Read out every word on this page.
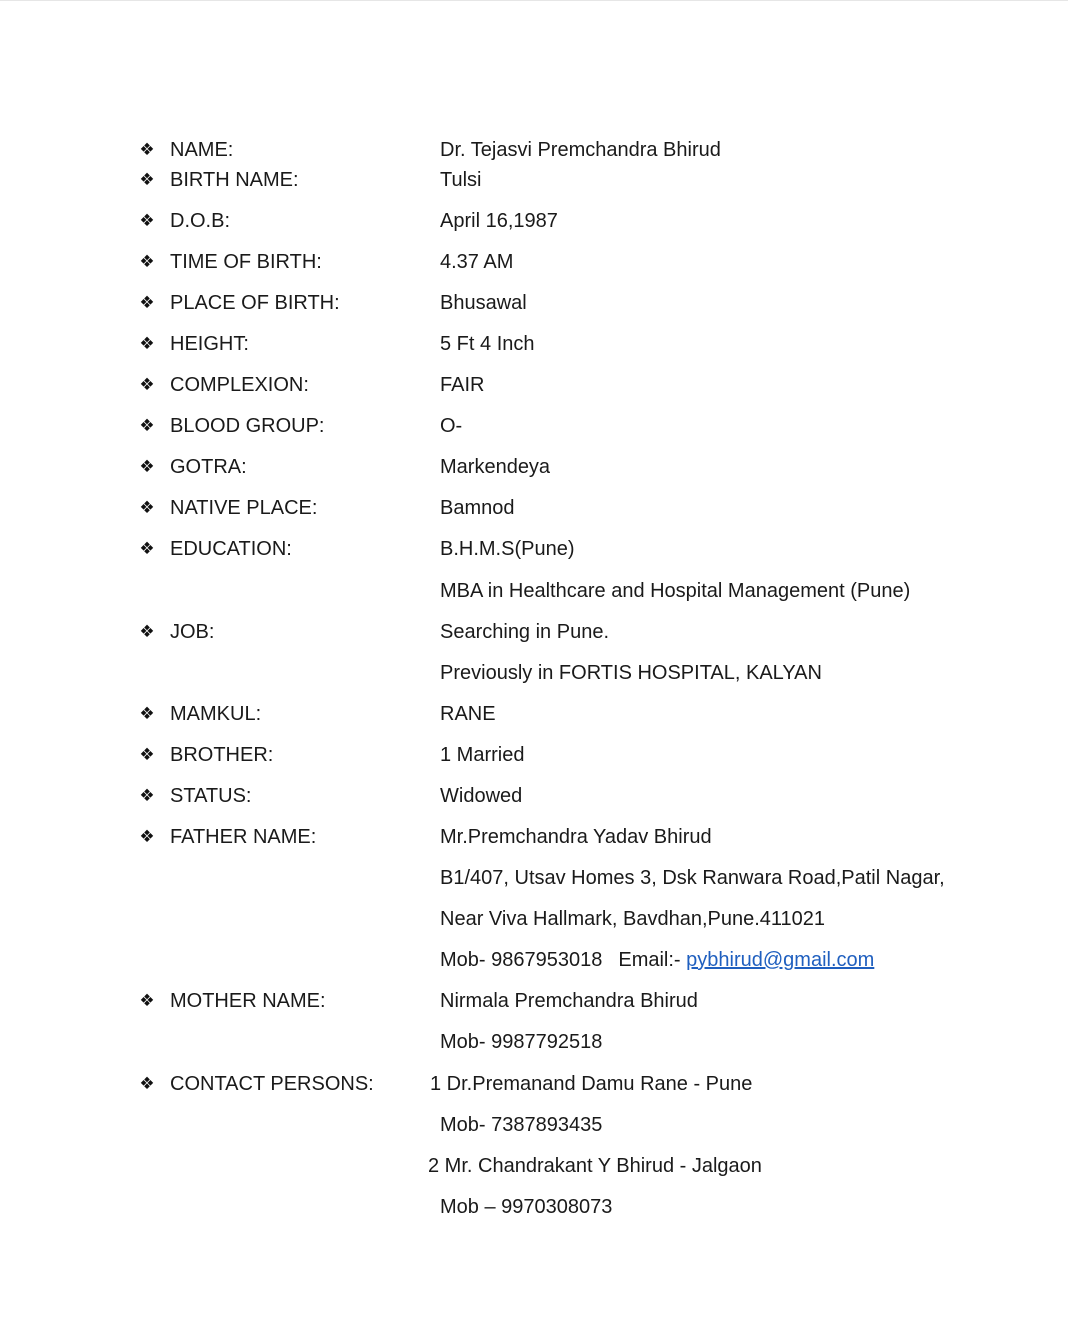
❖ NAME:	Dr. Tejasvi Premchandra Bhirud
❖ BIRTH NAME:	Tulsi
❖ D.O.B:	April 16,1987
❖ TIME OF BIRTH:	4.37 AM
❖ PLACE OF BIRTH:	Bhusawal
❖ HEIGHT:	5 Ft 4 Inch
❖ COMPLEXION:	FAIR
❖ BLOOD GROUP:	O-
❖ GOTRA:	Markendeya
❖ NATIVE PLACE:	Bamnod
❖ EDUCATION:	B.H.M.S(Pune)
MBA in Healthcare and Hospital Management (Pune)
❖ JOB:	Searching in Pune.
Previously in FORTIS HOSPITAL, KALYAN
❖ MAMKUL:	RANE
❖ BROTHER:	1 Married
❖ STATUS:	Widowed
❖ FATHER NAME:	Mr.Premchandra Yadav Bhirud
B1/407, Utsav Homes 3, Dsk Ranwara Road,Patil Nagar,
Near Viva Hallmark, Bavdhan,Pune.411021
Mob- 9867953018 Email:- pybhirud@gmail.com
❖ MOTHER NAME:	Nirmala Premchandra Bhirud
Mob- 9987792518
❖ CONTACT PERSONS:	1 Dr.Premanand Damu Rane - Pune
Mob- 7387893435
2 Mr. Chandrakant Y Bhirud - Jalgaon
Mob – 9970308073
